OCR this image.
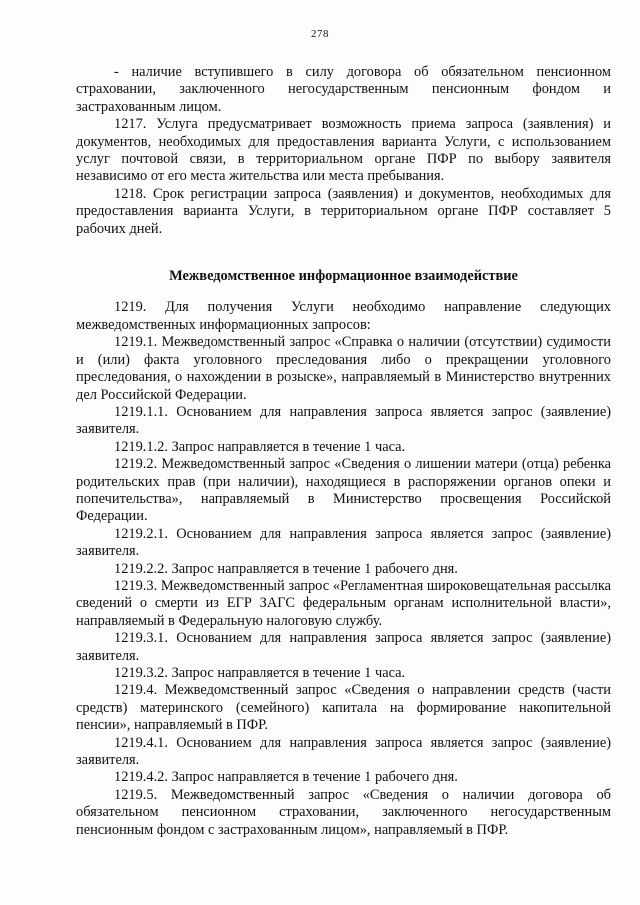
278

- наличие вступившего в силу договора об обязательном пенсионном страховании, заключенного негосударственным пенсионным фондом и застрахованным лицом.

1217. Услуга предусматривает возможность приема запроса (заявления) и документов, необходимых для предоставления варианта Услуги, с использованием услуг почтовой связи, в территориальном органе ПФР по выбору заявителя независимо от его места жительства или места пребывания.

1218. Срок регистрации запроса (заявления) и документов, необходимых для предоставления варианта Услуги, в территориальном органе ПФР составляет 5 рабочих дней.

Межведомственное информационное взаимодействие

1219. Для получения Услуги необходимо направление следующих межведомственных информационных запросов:

1219.1. Межведомственный запрос «Справка о наличии (отсутствии) судимости и (или) факта уголовного преследования либо о прекращении уголовного преследования, о нахождении в розыске», направляемый в Министерство внутренних дел Российской Федерации.

1219.1.1. Основанием для направления запроса является запрос (заявление) заявителя.

1219.1.2. Запрос направляется в течение 1 часа.

1219.2. Межведомственный запрос «Сведения о лишении матери (отца) ребенка родительских прав (при наличии), находящиеся в распоряжении органов опеки и попечительства», направляемый в Министерство просвещения Российской Федерации.

1219.2.1. Основанием для направления запроса является запрос (заявление) заявителя.

1219.2.2. Запрос направляется в течение 1 рабочего дня.

1219.3. Межведомственный запрос «Регламентная широковещательная рассылка сведений о смерти из ЕГР ЗАГС федеральным органам исполнительной власти», направляемый в Федеральную налоговую службу.

1219.3.1. Основанием для направления запроса является запрос (заявление) заявителя.

1219.3.2. Запрос направляется в течение 1 часа.

1219.4. Межведомственный запрос «Сведения о направлении средств (части средств) материнского (семейного) капитала на формирование накопительной пенсии», направляемый в ПФР.

1219.4.1. Основанием для направления запроса является запрос (заявление) заявителя.

1219.4.2. Запрос направляется в течение 1 рабочего дня.

1219.5. Межведомственный запрос «Сведения о наличии договора об обязательном пенсионном страховании, заключенного негосударственным пенсионным фондом с застрахованным лицом», направляемый в ПФР.
